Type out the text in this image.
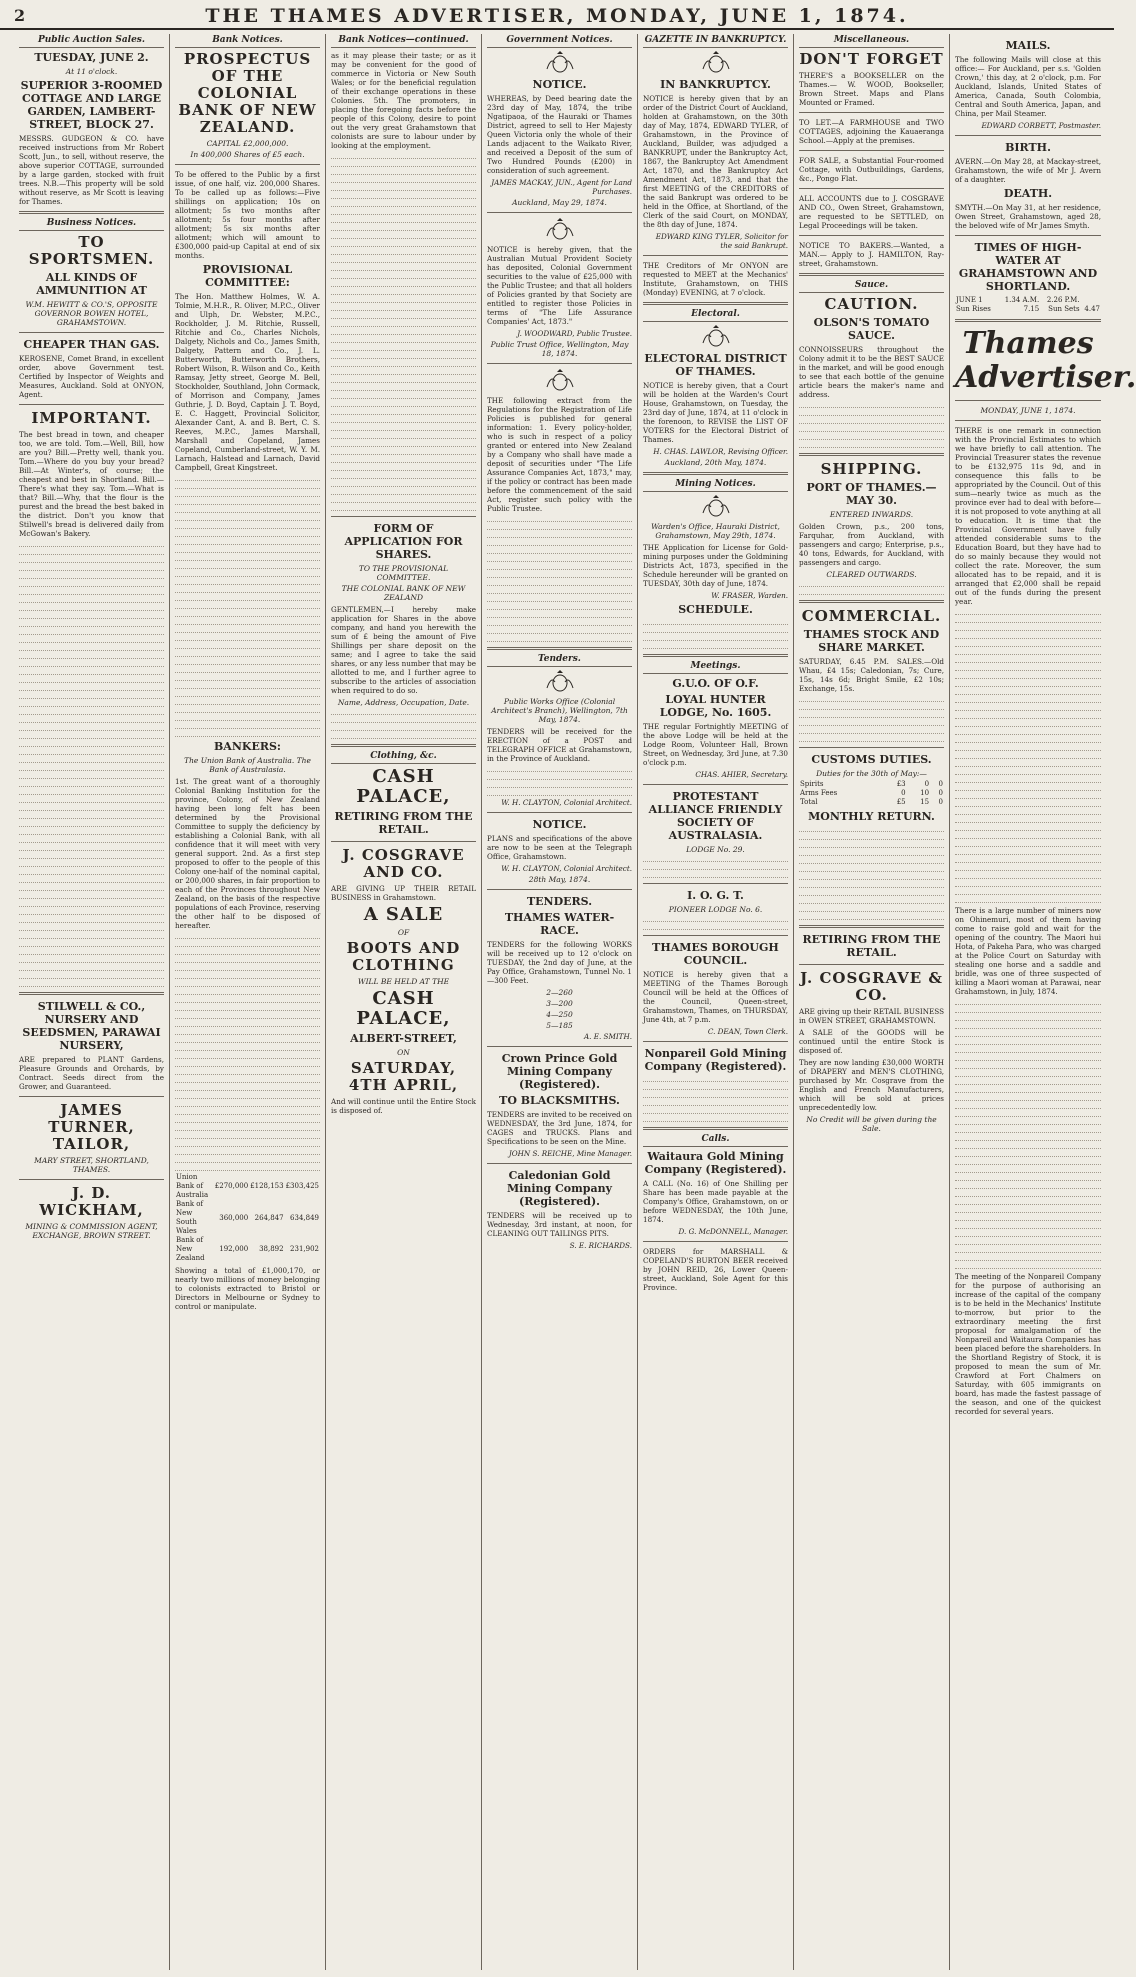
2	THE THAMES ADVERTISER, MONDAY, JUNE 1, 1874.
Public Auction Sales.
TUESDAY, JUNE 2.
At 11 o'clock.
SUPERIOR 3-ROOMED COTTAGE AND LARGE GARDEN, LAMBERT-STREET, BLOCK 27.
MESSRS. GUDGEON & CO. have received instructions from Mr Robert Scott, Jun., to sell, without reserve, the above superior COTTAGE, surrounded by a large garden, stocked with fruit trees. N.B.—This property will be sold without reserve, as Mr Scott is leaving for Thames.
Business Notices.
TO SPORTSMEN.
ALL KINDS OF AMMUNITION AT
W.M. HEWITT & CO.'S, OPPOSITE GOVERNOR BOWEN HOTEL, GRAHAMSTOWN.
CHEAPER THAN GAS.
KEROSENE, Comet Brand, in excellent order, above Government test. Certified by Inspector of Weights and Measures, Auckland. Sold at ONYON, Agent.
IMPORTANT.
The best bread in town, and cheaper too, we are told. Tom.—Well, Bill, how are you? Bill.—Pretty well, thank you. Tom.—Where do you buy your bread? Bill.—At Winter's, of course; the cheapest and best in Shortland. Bill.—There's what they say. Tom.—What is that? Bill.—Why, that the flour is the purest and the bread the best baked in the district. Don't you know that Stilwell's bread is delivered daily from McGowan's Bakery.
STILWELL & CO., NURSERY AND SEEDSMEN, PARAWAI NURSERY,
ARE prepared to PLANT Gardens, Pleasure Grounds and Orchards, by Contract. Seeds direct from the Grower, and Guaranteed.
JAMES TURNER, TAILOR,
MARY STREET, SHORTLAND, THAMES.
J. D. WICKHAM,
MINING & COMMISSION AGENT, EXCHANGE, BROWN STREET.
Bank Notices.
PROSPECTUS OF THE COLONIAL BANK OF NEW ZEALAND.
CAPITAL £2,000,000.
In 400,000 Shares of £5 each.
To be offered to the Public by a first issue, of one half, viz. 200,000 Shares. To be called up as follows:—Five shillings on application; 10s on allotment; 5s two months after allotment; 5s four months after allotment; 5s six months after allotment; which will amount to £300,000 paid-up Capital at end of six months.
PROVISIONAL COMMITTEE:
The Hon. Matthew Holmes, W. A. Tolmie, M.H.R., R. Oliver, M.P.C., Oliver and Ulph, Dr. Webster, M.P.C., Rockholder, J. M. Ritchie, Russell, Ritchie and Co., Charles Nichols, Dalgety, Nichols and Co., James Smith, Dalgety, Pattern and Co., J. L. Butterworth, Butterworth Brothers, Robert Wilson, R. Wilson and Co., Keith Ramsay, Jetty street, George M. Bell, Stockholder, Southland, John Cormack, of Morrison and Company, James Guthrie, J. D. Boyd, Captain J. T. Boyd, E. C. Haggett, Provincial Solicitor, Alexander Cant, A. and B. Bert, C. S. Reeves, M.P.C., James Marshall, Marshall and Copeland, James Copeland, Cumberland-street, W. Y. M. Larnach, Halstead and Larnach, David Campbell, Great Kingstreet.
BANKERS:
The Union Bank of Australia. The Bank of Australasia.
1st. The great want of a thoroughly Colonial Banking Institution for the province, Colony, of New Zealand having been long felt has been determined by the Provisional Committee to supply the deficiency by establishing a Colonial Bank, with all confidence that it will meet with very general support. 2nd. As a first step proposed to offer to the people of this Colony one-half of the nominal capital, or 200,000 shares, in fair proportion to each of the Provinces throughout New Zealand, on the basis of the respective populations of each Province, reserving the other half to be disposed of hereafter.
Union Bank of Australia	£270,000	£128,153	£303,425
Bank of New South Wales	360,000	264,847	634,849
Bank of New Zealand	192,000	38,892	231,902
Showing a total of £1,000,170, or nearly two millions of money belonging to colonists extracted to Bristol or Directors in Melbourne or Sydney to control or manipulate.
Bank Notices—continued.
as it may please their taste; or as it may be convenient for the good of commerce in Victoria or New South Wales; or for the beneficial regulation of their exchange operations in these Colonies. 5th. The promoters, in placing the foregoing facts before the people of this Colony, desire to point out the very great Grahamstown that colonists are sure to labour under by looking at the employment.
FORM OF APPLICATION FOR SHARES.
TO THE PROVISIONAL COMMITTEE.
THE COLONIAL BANK OF NEW ZEALAND
GENTLEMEN,—I hereby make application for Shares in the above company, and hand you herewith the sum of £ being the amount of Five Shillings per share deposit on the same; and I agree to take the said shares, or any less number that may be allotted to me, and I further agree to subscribe to the articles of association when required to do so.
Name, Address, Occupation, Date.
Clothing, &c.
CASH PALACE,
RETIRING FROM THE RETAIL.
J. COSGRAVE AND CO.
ARE GIVING UP THEIR RETAIL BUSINESS in Grahamstown.
A SALE
OF
BOOTS AND CLOTHING
WILL BE HELD AT THE
CASH PALACE,
ALBERT-STREET,
ON
SATURDAY, 4TH APRIL,
And will continue until the Entire Stock is disposed of.
Government Notices.
NOTICE.
WHEREAS, by Deed bearing date the 23rd day of May, 1874, the tribe Ngatipaoa, of the Hauraki or Thames District, agreed to sell to Her Majesty Queen Victoria only the whole of their Lands adjacent to the Waikato River, and received a Deposit of the sum of Two Hundred Pounds (£200) in consideration of such agreement.
JAMES MACKAY, JUN., Agent for Land Purchases.
Auckland, May 29, 1874.
NOTICE is hereby given, that the Australian Mutual Provident Society has deposited, Colonial Government securities to the value of £25,000 with the Public Trustee; and that all holders of Policies granted by that Society are entitled to register those Policies in terms of "The Life Assurance Companies' Act, 1873."
J. WOODWARD, Public Trustee.
Public Trust Office, Wellington, May 18, 1874.
THE following extract from the Regulations for the Registration of Life Policies is published for general information: 1. Every policy-holder, who is such in respect of a policy granted or entered into New Zealand by a Company who shall have made a deposit of securities under "The Life Assurance Companies Act, 1873," may, if the policy or contract has been made before the commencement of the said Act, register such policy with the Public Trustee.
Tenders.
Public Works Office (Colonial Architect's Branch), Wellington, 7th May, 1874.
TENDERS will be received for the ERECTION of a POST and TELEGRAPH OFFICE at Grahamstown, in the Province of Auckland.
W. H. CLAYTON, Colonial Architect.
NOTICE.
PLANS and specifications of the above are now to be seen at the Telegraph Office, Grahamstown.
W. H. CLAYTON, Colonial Architect.
28th May, 1874.
TENDERS.
THAMES WATER-RACE.
TENDERS for the following WORKS will be received up to 12 o'clock on TUESDAY, the 2nd day of June, at the Pay Office, Grahamstown, Tunnel No. 1—300 Feet.
2—260
3—200
4—250
5—185
A. E. SMITH.
Crown Prince Gold Mining Company (Registered).
TO BLACKSMITHS.
TENDERS are invited to be received on WEDNESDAY, the 3rd June, 1874, for CAGES and TRUCKS. Plans and Specifications to be seen on the Mine.
JOHN S. REICHE, Mine Manager.
Caledonian Gold Mining Company (Registered).
TENDERS will be received up to Wednesday, 3rd instant, at noon, for CLEANING OUT TAILINGS PITS.
S. E. RICHARDS.
GAZETTE IN BANKRUPTCY.
IN BANKRUPTCY.
NOTICE is hereby given that by an order of the District Court of Auckland, holden at Grahamstown, on the 30th day of May, 1874, EDWARD TYLER, of Grahamstown, in the Province of Auckland, Builder, was adjudged a BANKRUPT, under the Bankruptcy Act, 1867, the Bankruptcy Act Amendment Act, 1870, and the Bankruptcy Act Amendment Act, 1873, and that the first MEETING of the CREDITORS of the said Bankrupt was ordered to be held in the Office, at Shortland, of the Clerk of the said Court, on MONDAY, the 8th day of June, 1874.
EDWARD KING TYLER, Solicitor for the said Bankrupt.
THE Creditors of Mr ONYON are requested to MEET at the Mechanics' Institute, Grahamstown, on THIS (Monday) EVENING, at 7 o'clock.
Electoral.
ELECTORAL DISTRICT OF THAMES.
NOTICE is hereby given, that a Court will be holden at the Warden's Court House, Grahamstown, on Tuesday, the 23rd day of June, 1874, at 11 o'clock in the forenoon, to REVISE the LIST OF VOTERS for the Electoral District of Thames.
H. CHAS. LAWLOR, Revising Officer.
Auckland, 20th May, 1874.
Mining Notices.
Warden's Office, Hauraki District, Grahamstown, May 29th, 1874.
THE Application for License for Gold-mining purposes under the Goldmining Districts Act, 1873, specified in the Schedule hereunder will be granted on TUESDAY, 30th day of June, 1874.
W. FRASER, Warden.
SCHEDULE.
Meetings.
G.U.O. OF O.F.
LOYAL HUNTER LODGE, No. 1605.
THE regular Fortnightly MEETING of the above Lodge will be held at the Lodge Room, Volunteer Hall, Brown Street, on Wednesday, 3rd June, at 7.30 o'clock p.m.
CHAS. AHIER, Secretary.
PROTESTANT ALLIANCE FRIENDLY SOCIETY OF AUSTRALASIA.
LODGE No. 29.
I. O. G. T.
PIONEER LODGE No. 6.
THAMES BOROUGH COUNCIL.
NOTICE is hereby given that a MEETING of the Thames Borough Council will be held at the Offices of the Council, Queen-street, Grahamstown, Thames, on THURSDAY, June 4th, at 7 p.m.
C. DEAN, Town Clerk.
Nonpareil Gold Mining Company (Registered).
Calls.
Waitaura Gold Mining Company (Registered).
A CALL (No. 16) of One Shilling per Share has been made payable at the Company's Office, Grahamstown, on or before WEDNESDAY, the 10th June, 1874.
D. G. McDONNELL, Manager.
ORDERS for MARSHALL & COPELAND'S BURTON BEER received by JOHN REID, 26, Lower Queen-street, Auckland, Sole Agent for this Province.
Miscellaneous.
DON'T FORGET
THERE'S a BOOKSELLER on the Thames.— W. WOOD, Bookseller, Brown Street. Maps and Plans Mounted or Framed.
TO LET.—A FARMHOUSE and TWO COTTAGES, adjoining the Kauaeranga School.—Apply at the premises.
FOR SALE, a Substantial Four-roomed Cottage, with Outbuildings, Gardens, &c., Pongo Flat.
ALL ACCOUNTS due to J. COSGRAVE AND CO., Owen Street, Grahamstown, are requested to be SETTLED, on Legal Proceedings will be taken.
NOTICE TO BAKERS.—Wanted, a MAN.— Apply to J. HAMILTON, Ray-street, Grahamstown.
Sauce.
CAUTION.
OLSON'S TOMATO SAUCE.
CONNOISSEURS throughout the Colony admit it to be the BEST SAUCE in the market, and will be good enough to see that each bottle of the genuine article bears the maker's name and address.
SHIPPING.
PORT OF THAMES.—MAY 30.
ENTERED INWARDS.
Golden Crown, p.s., 200 tons, Farquhar, from Auckland, with passengers and cargo; Enterprise, p.s., 40 tons, Edwards, for Auckland, with passengers and cargo.
CLEARED OUTWARDS.
COMMERCIAL.
THAMES STOCK AND SHARE MARKET.
SATURDAY, 6.45 P.M. SALES.—Old Whau, £4 15s; Caledonian, 7s; Cure, 15s, 14s 6d; Bright Smile, £2 10s; Exchange, 15s.
CUSTOMS DUTIES.
Duties for the 30th of May:—
Spirits	£3	0	0
Arms Fees	0	10	0
Total	£5	15	0
MONTHLY RETURN.
RETIRING FROM THE RETAIL.
J. COSGRAVE & CO.
ARE giving up their RETAIL BUSINESS in OWEN STREET, GRAHAMSTOWN.
A SALE of the GOODS will be continued until the entire Stock is disposed of.
They are now landing £30,000 WORTH of DRAPERY and MEN'S CLOTHING, purchased by Mr. Cosgrave from the English and French Manufacturers, which will be sold at prices unprecedentedly low.
No Credit will be given during the Sale.
MAILS.
The following Mails will close at this office:— For Auckland, per s.s. 'Golden Crown,' this day, at 2 o'clock, p.m. For Auckland, Islands, United States of America, Canada, South Colombia, Central and South America, Japan, and China, per Mail Steamer.
EDWARD CORBETT, Postmaster.
BIRTH.
AVERN.—On May 28, at Mackay-street, Grahamstown, the wife of Mr J. Avern of a daughter.
DEATH.
SMYTH.—On May 31, at her residence, Owen Street, Grahamstown, aged 28, the beloved wife of Mr James Smyth.
TIMES OF HIGH-WATER AT GRAHAMSTOWN AND SHORTLAND.
JUNE 1	1.34 A.M.	2.26 P.M.	
Sun Rises	7.15	Sun Sets	4.47
Thames Advertiser.
MONDAY, JUNE 1, 1874.
THERE is one remark in connection with the Provincial Estimates to which we have briefly to call attention. The Provincial Treasurer states the revenue to be £132,975 11s 9d, and in consequence this falls to be appropriated by the Council. Out of this sum—nearly twice as much as the province ever had to deal with before—it is not proposed to vote anything at all to education. It is time that the Provincial Government have fully attended considerable sums to the Education Board, but they have had to do so mainly because they would not collect the rate. Moreover, the sum allocated has to be repaid, and it is arranged that £2,000 shall be repaid out of the funds during the present year.
There is a large number of miners now on Ohinemuri, most of them having come to raise gold and wait for the opening of the country. The Maori hui Hota, of Pakeha Para, who was charged at the Police Court on Saturday with stealing one horse and a saddle and bridle, was one of three suspected of killing a Maori woman at Parawai, near Grahamstown, in July, 1874.
The meeting of the Nonpareil Company for the purpose of authorising an increase of the capital of the company is to be held in the Mechanics' Institute to-morrow, but prior to the extraordinary meeting the first proposal for amalgamation of the Nonpareil and Waitaura Companies has been placed before the shareholders. In the Shortland Registry of Stock, it is proposed to mean the sum of Mr. Crawford at Fort Chalmers on Saturday, with 605 immigrants on board, has made the fastest passage of the season, and one of the quickest recorded for several years.
